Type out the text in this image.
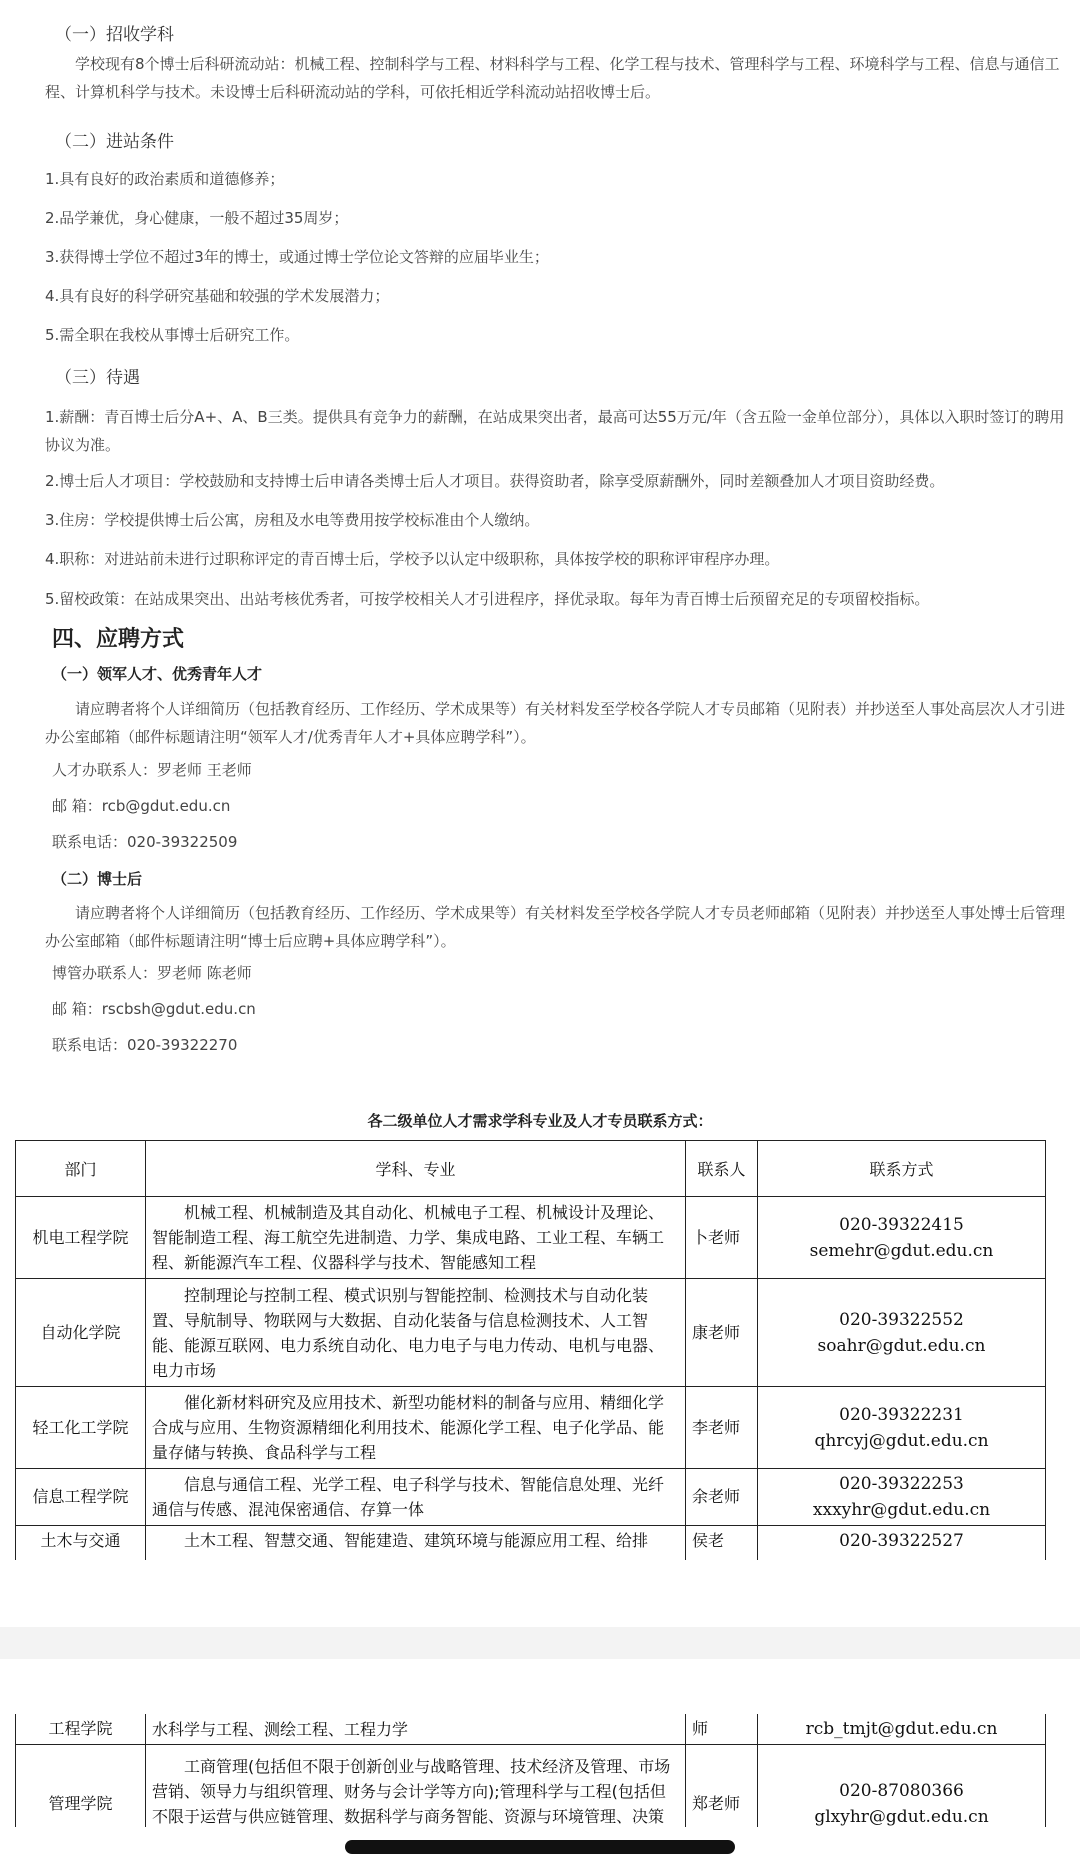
（一）招收学科

学校现有8个博士后科研流动站：机械工程、控制科学与工程、材料科学与工程、化学工程与技术、管理科学与工程、环境科学与工程、信息与通信工程、计算机科学与技术。未设博士后科研流动站的学科，可依托相近学科流动站招收博士后。

（二）进站条件

1.具有良好的政治素质和道德修养；

2.品学兼优，身心健康，一般不超过35周岁；

3.获得博士学位不超过3年的博士，或通过博士学位论文答辩的应届毕业生；

4.具有良好的科学研究基础和较强的学术发展潜力；

5.需全职在我校从事博士后研究工作。

（三）待遇

1.薪酬：青百博士后分A+、A、B三类。提供具有竞争力的薪酬，在站成果突出者，最高可达55万元/年（含五险一金单位部分），具体以入职时签订的聘用协议为准。

2.博士后人才项目：学校鼓励和支持博士后申请各类博士后人才项目。获得资助者，除享受原薪酬外，同时差额叠加人才项目资助经费。

3.住房：学校提供博士后公寓，房租及水电等费用按学校标准由个人缴纳。

4.职称：对进站前未进行过职称评定的青百博士后，学校予以认定中级职称，具体按学校的职称评审程序办理。

5.留校政策：在站成果突出、出站考核优秀者，可按学校相关人才引进程序，择优录取。每年为青百博士后预留充足的专项留校指标。

四、应聘方式

（一）领军人才、优秀青年人才

请应聘者将个人详细简历（包括教育经历、工作经历、学术成果等）有关材料发至学校各学院人才专员邮箱（见附表）并抄送至人事处高层次人才引进办公室邮箱（邮件标题请注明“领军人才/优秀青年人才+具体应聘学科”）。

人才办联系人：罗老师 王老师

邮 箱：rcb@gdut.edu.cn

联系电话：020-39322509

（二）博士后

请应聘者将个人详细简历（包括教育经历、工作经历、学术成果等）有关材料发至学校各学院人才专员老师邮箱（见附表）并抄送至人事处博士后管理办公室邮箱（邮件标题请注明“博士后应聘+具体应聘学科”）。

博管办联系人：罗老师 陈老师

邮 箱：rscbsh@gdut.edu.cn

联系电话：020-39322270

各二级单位人才需求学科专业及人才专员联系方式：
部门	学科、专业	联系人	联系方式
机电工程学院	机械工程、机械制造及其自动化、机械电子工程、机械设计及理论、智能制造工程、海工航空先进制造、力学、集成电路、工业工程、车辆工程、新能源汽车工程、仪器科学与技术、智能感知工程	卜老师	020-39322415
semehr@gdut.edu.cn

自动化学院	控制理论与控制工程、模式识别与智能控制、检测技术与自动化装置、导航制导、物联网与大数据、自动化装备与信息检测技术、人工智能、能源互联网、电力系统自动化、电力电子与电力传动、电机与电器、电力市场	康老师	020-39322552
soahr@gdut.edu.cn

轻工化工学院	催化新材料研究及应用技术、新型功能材料的制备与应用、精细化学合成与应用、生物资源精细化利用技术、能源化学工程、电子化学品、能量存储与转换、食品科学与工程	李老师	020-39322231
qhrcyj@gdut.edu.cn

信息工程学院	信息与通信工程、光学工程、电子科学与技术、智能信息处理、光纤通信与传感、混沌保密通信、存算一体	余老师	020-39322253
xxxyhr@gdut.edu.cn

土木与交通	土木工程、智慧交通、智能建造、建筑环境与能源应用工程、给排	侯老	020-39322527
工程学院	水科学与工程、测绘工程、工程力学	师	rcb_tmjt@gdut.edu.cn

管理学院	工商管理(包括但不限于创新创业与战略管理、技术经济及管理、市场营销、领导力与组织管理、财务与会计学等方向);管理科学与工程(包括但不限于运营与供应链管理、数据科学与商务智能、资源与环境管理、决策	郑老师	020-87080366
glxyhr@gdut.edu.cn
